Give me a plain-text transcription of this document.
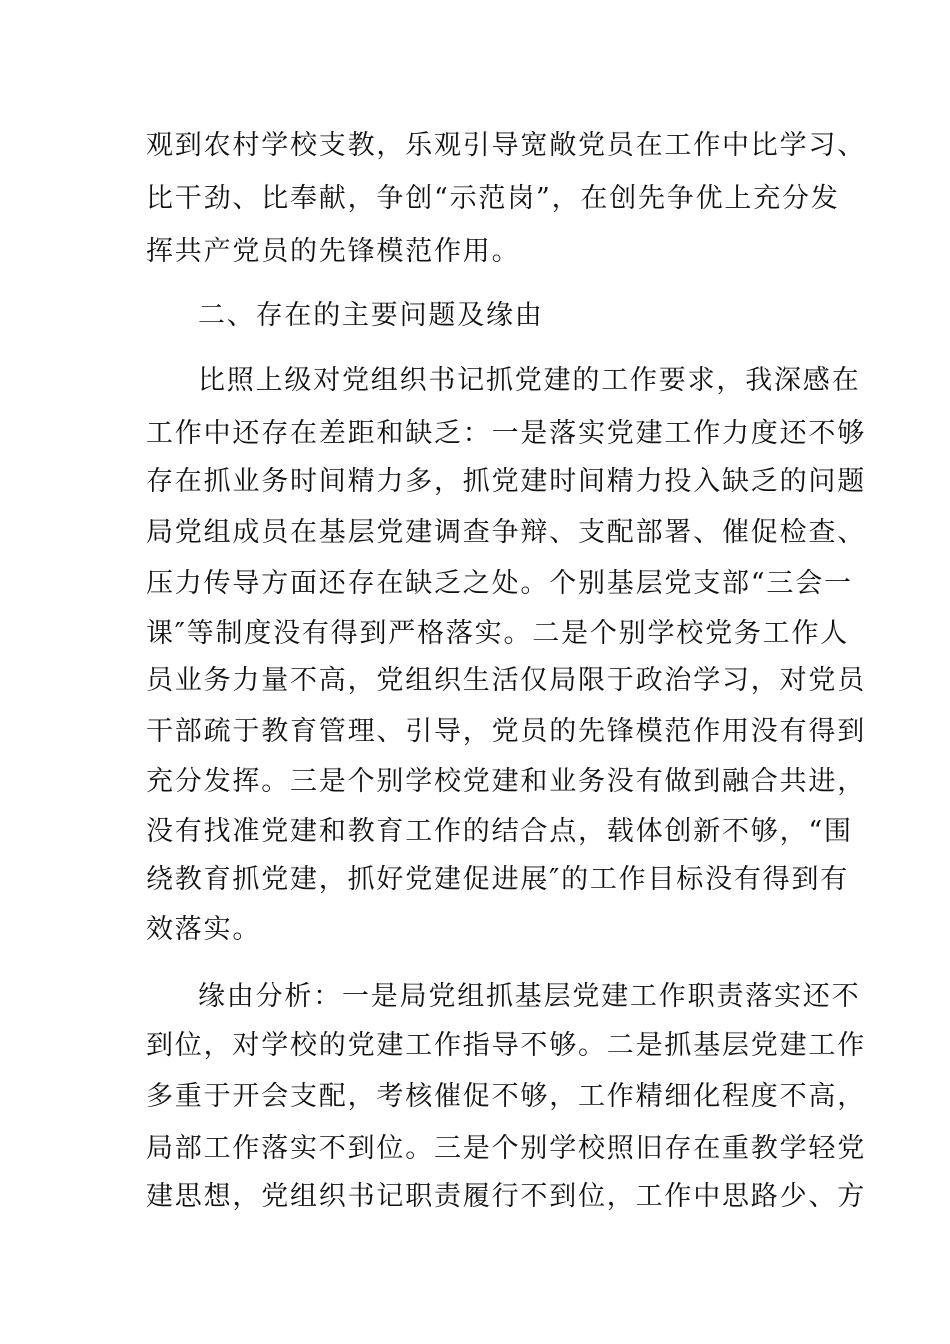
观到农村学校支教，乐观引导宽敞党员在工作中比学习、
比干劲、比奉献，争创“示范岗”，在创先争优上充分发
挥共产党员的先锋模范作用。
二、存在的主要问题及缘由
比照上级对党组织书记抓党建的工作要求，我深感在
工作中还存在差距和缺乏：一是落实党建工作力度还不够
存在抓业务时间精力多，抓党建时间精力投入缺乏的问题
局党组成员在基层党建调查争辩、支配部署、催促检查、
压力传导方面还存在缺乏之处。个别基层党支部“三会一
课″等制度没有得到严格落实。二是个别学校党务工作人
员业务力量不高，党组织生活仅局限于政治学习，对党员
干部疏于教育管理、引导，党员的先锋模范作用没有得到
充分发挥。三是个别学校党建和业务没有做到融合共进，
没有找准党建和教育工作的结合点，载体创新不够，“围
绕教育抓党建，抓好党建促进展″的工作目标没有得到有
效落实。
缘由分析：一是局党组抓基层党建工作职责落实还不
到位，对学校的党建工作指导不够。二是抓基层党建工作
多重于开会支配，考核催促不够，工作精细化程度不高，
局部工作落实不到位。三是个别学校照旧存在重教学轻党
建思想，党组织书记职责履行不到位，工作中思路少、方
